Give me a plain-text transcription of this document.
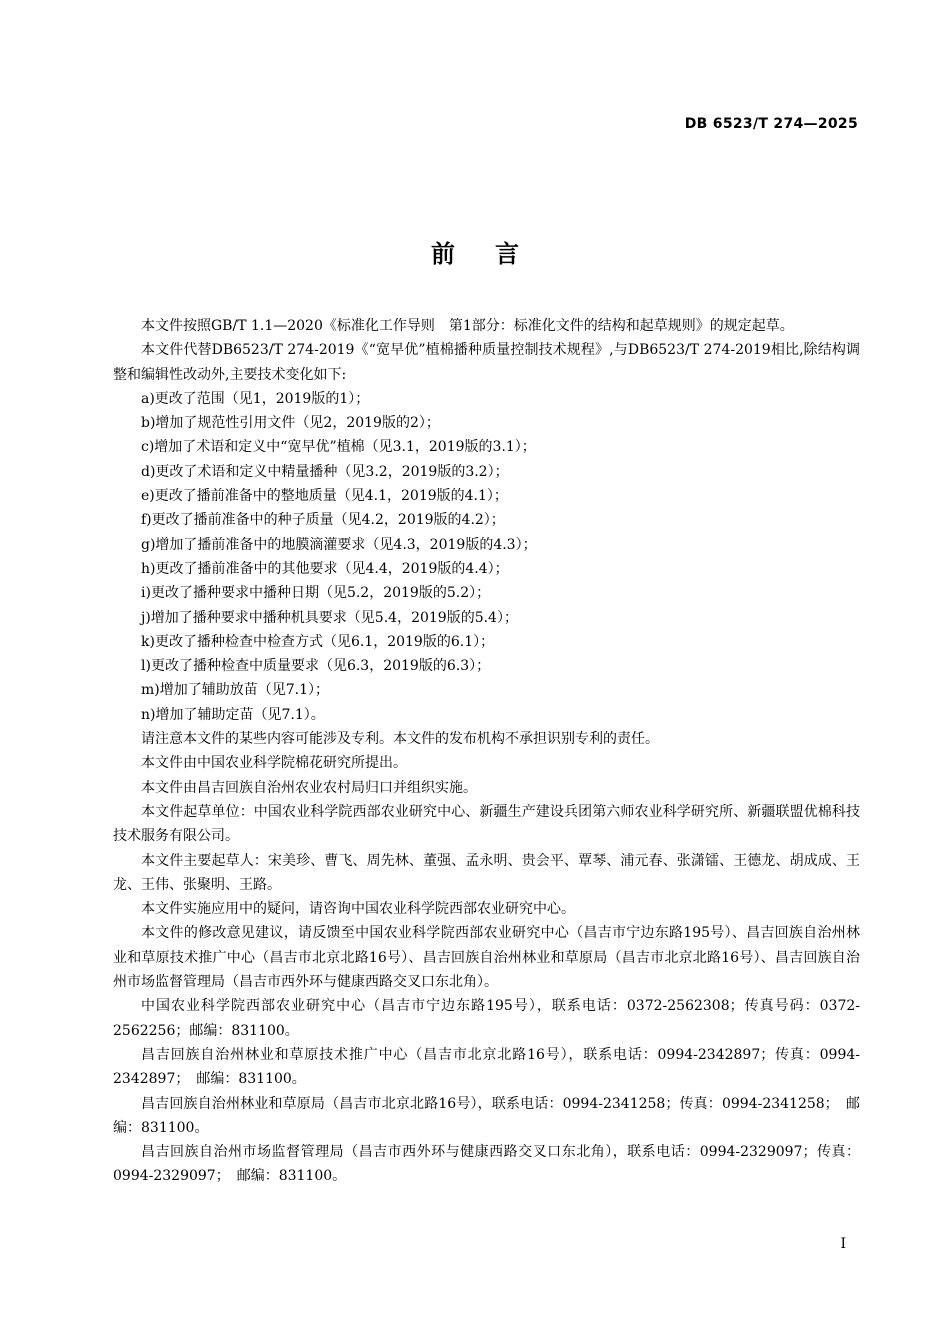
DB 6523/T 274—2025
前言

本文件按照GB/T 1.1—2020《标准化工作导则　第1部分：标准化文件的结构和起草规则》的规定起草。

本文件代替DB6523/T 274-2019《“宽早优”植棉播种质量控制技术规程》,与DB6523/T 274-2019相比,除结构调整和编辑性改动外,主要技术变化如下:

a)更改了范围（见1，2019版的1）；

b)增加了规范性引用文件（见2，2019版的2）；

c)增加了术语和定义中“宽早优”植棉（见3.1，2019版的3.1）；

d)更改了术语和定义中精量播种（见3.2，2019版的3.2）；

e)更改了播前准备中的整地质量（见4.1，2019版的4.1）；

f)更改了播前准备中的种子质量（见4.2，2019版的4.2）；

g)增加了播前准备中的地膜滴灌要求（见4.3，2019版的4.3）；

h)更改了播前准备中的其他要求（见4.4，2019版的4.4）；

i)更改了播种要求中播种日期（见5.2，2019版的5.2）；

j)增加了播种要求中播种机具要求（见5.4，2019版的5.4）；

k)更改了播种检查中检查方式（见6.1，2019版的6.1）；

l)更改了播种检查中质量要求（见6.3，2019版的6.3）；

m)增加了辅助放苗（见7.1）；

n)增加了辅助定苗（见7.1）。

请注意本文件的某些内容可能涉及专利。本文件的发布机构不承担识别专利的责任。

本文件由中国农业科学院棉花研究所提出。

本文件由昌吉回族自治州农业农村局归口并组织实施。

本文件起草单位：中国农业科学院西部农业研究中心、新疆生产建设兵团第六师农业科学研究所、新疆联盟优棉科技技术服务有限公司。

本文件主要起草人：宋美珍、曹飞、周先林、董强、孟永明、贵会平、覃琴、浦元春、张潇镭、王德龙、胡成成、王龙、王伟、张聚明、王路。

本文件实施应用中的疑问，请咨询中国农业科学院西部农业研究中心。

本文件的修改意见建议，请反馈至中国农业科学院西部农业研究中心（昌吉市宁边东路195号）、昌吉回族自治州林业和草原技术推广中心（昌吉市北京北路16号）、昌吉回族自治州林业和草原局（昌吉市北京北路16号）、昌吉回族自治州市场监督管理局（昌吉市西外环与健康西路交叉口东北角）。

中国农业科学院西部农业研究中心（昌吉市宁边东路195号），联系电话：0372-2562308；传真号码：0372-2562256；邮编：831100。

昌吉回族自治州林业和草原技术推广中心（昌吉市北京北路16号），联系电话：0994-2342897；传真：0994-2342897；　邮编：831100。

昌吉回族自治州林业和草原局（昌吉市北京北路16号），联系电话：0994-2341258；传真：0994-2341258；　邮编：831100。

昌吉回族自治州市场监督管理局（昌吉市西外环与健康西路交叉口东北角），联系电话：0994-2329097；传真：0994-2329097；　邮编：831100。

I
